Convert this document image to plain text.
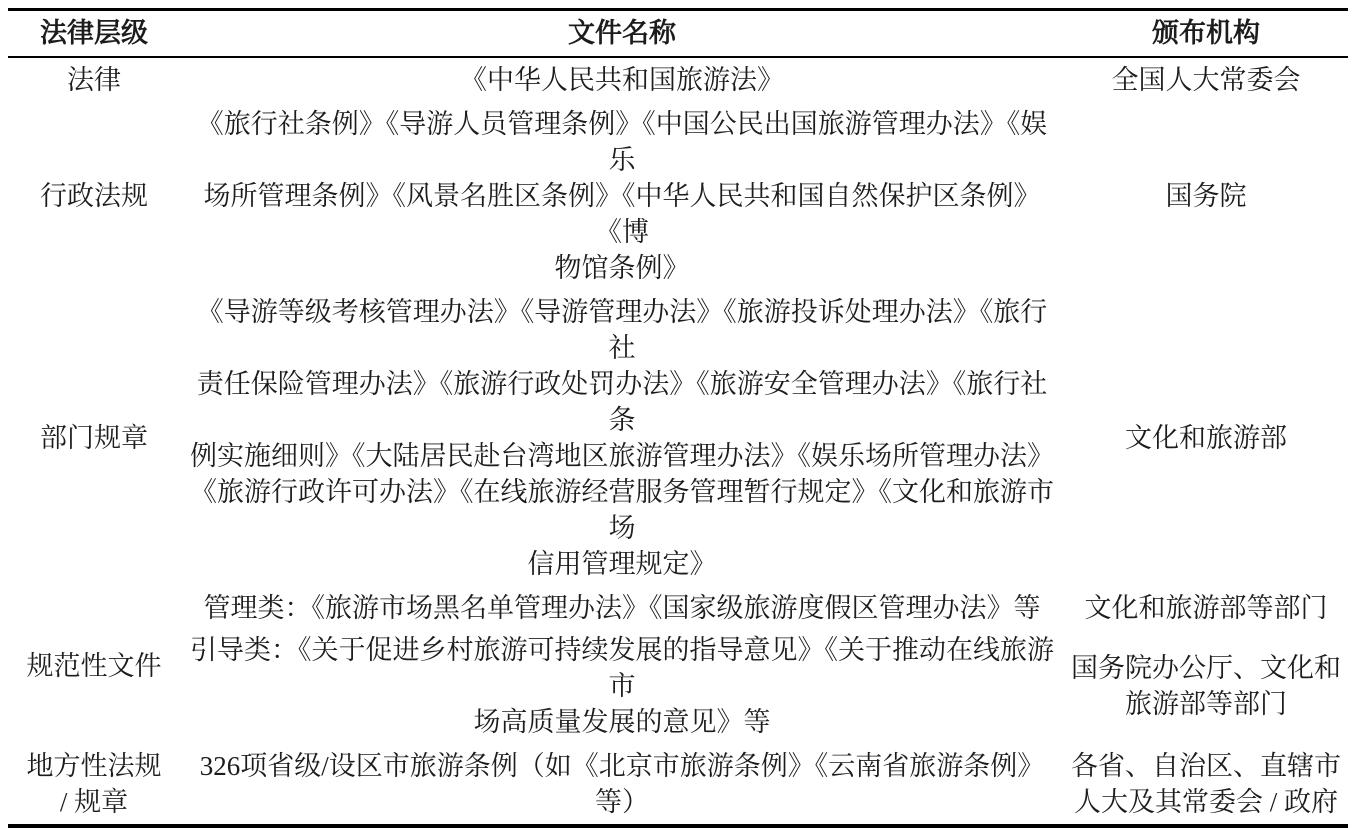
法律层级	文件名称	颁布机构
法律	《中华人民共和国旅游法》	全国人大常委会
行政法规	《旅行社条例》《导游人员管理条例》《中国公民出国旅游管理办法》《娱乐
场所管理条例》《风景名胜区条例》《中华人民共和国自然保护区条例》《博
物馆条例》	国务院
部门规章	《导游等级考核管理办法》《导游管理办法》《旅游投诉处理办法》《旅行社
责任保险管理办法》《旅游行政处罚办法》《旅游安全管理办法》《旅行社条
例实施细则》《大陆居民赴台湾地区旅游管理办法》《娱乐场所管理办法》
《旅游行政许可办法》《在线旅游经营服务管理暂行规定》《文化和旅游市场
信用管理规定》	文化和旅游部
规范性文件	管理类：《旅游市场黑名单管理办法》《国家级旅游度假区管理办法》等	文化和旅游部等部门
	引导类：《关于促进乡村旅游可持续发展的指导意见》《关于推动在线旅游市
场高质量发展的意见》等	国务院办公厅、文化和
旅游部等部门
地方性法规
/ 规章	326项省级/设区市旅游条例（如《北京市旅游条例》《云南省旅游条例》等）	各省、自治区、直辖市
人大及其常委会 / 政府
